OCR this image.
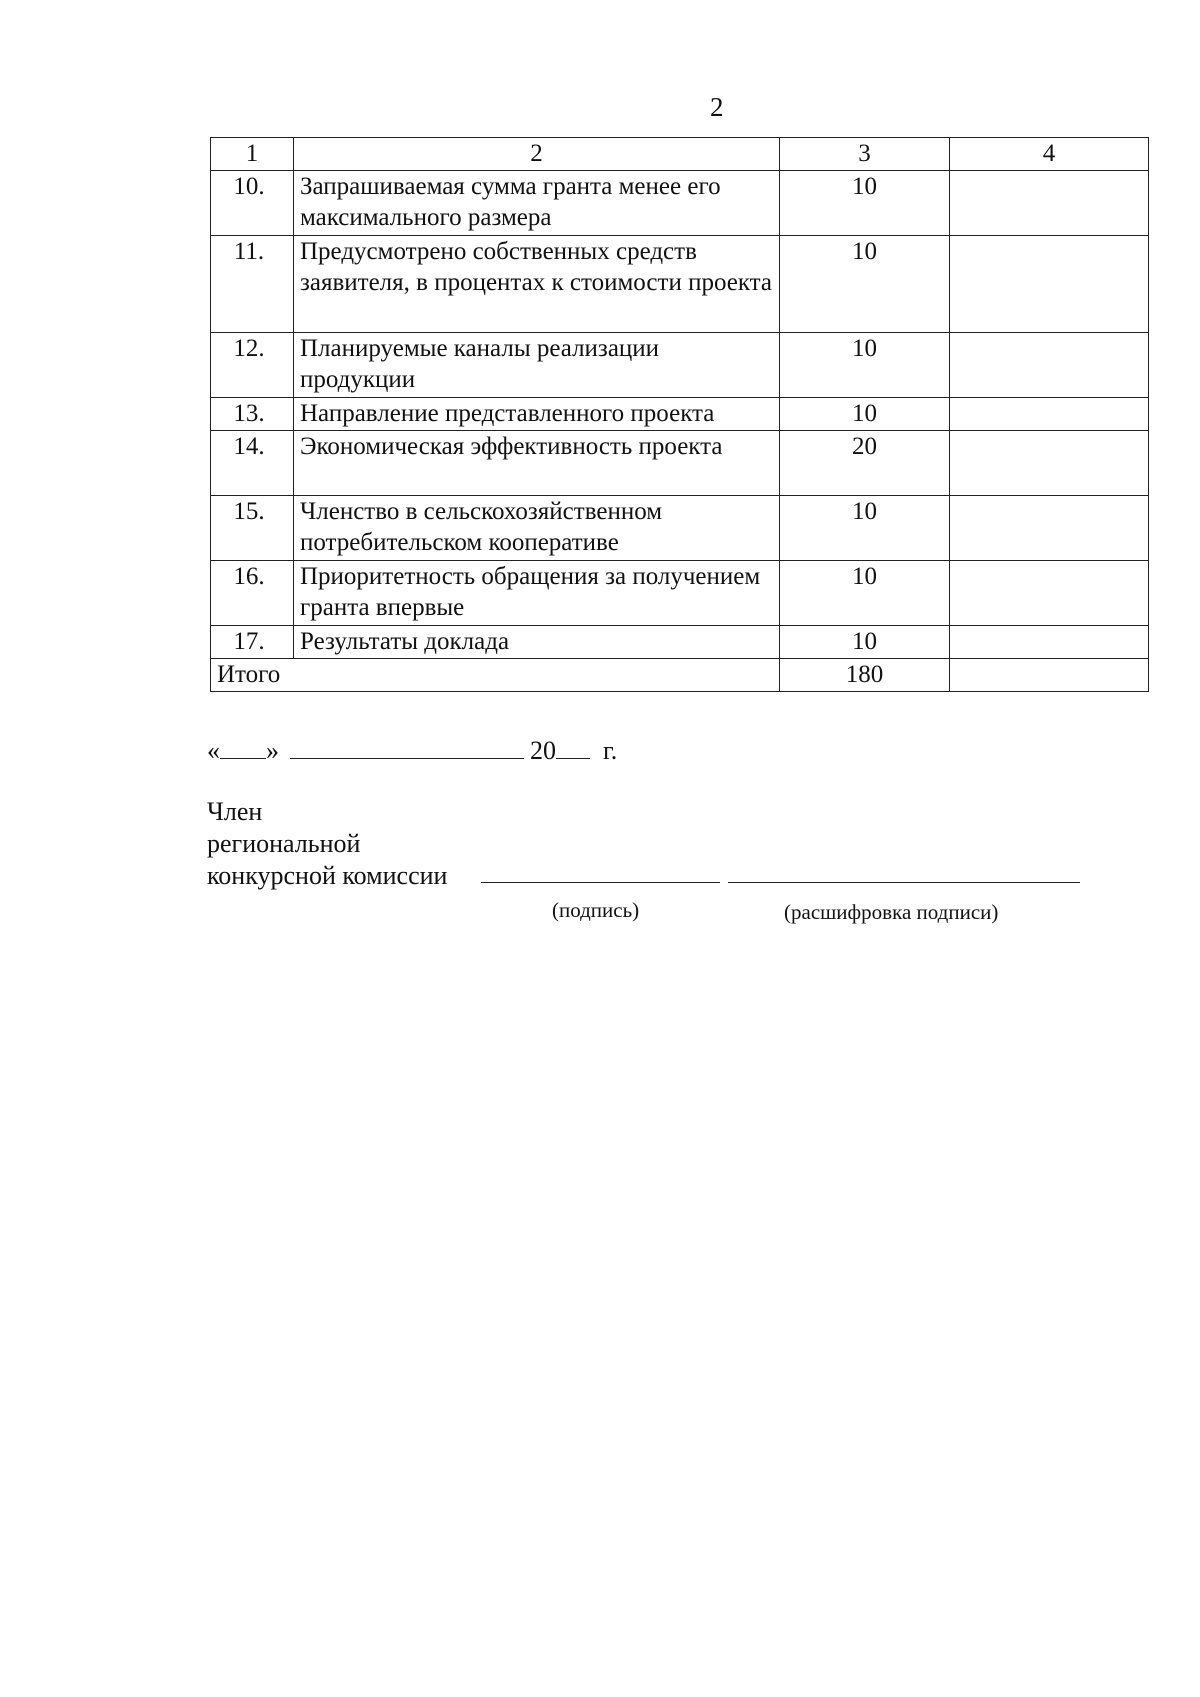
2
1	2	3	4
10.	Запрашиваемая сумма гранта менее его максимального размера	10	
11.	Предусмотрено собственных средств заявителя, в процентах к стоимости проекта	10	
12.	Планируемые каналы реализации продукции	10	
13.	Направление представленного проекта	10	
14.	Экономическая эффективность проекта	20	
15.	Членство в сельскохозяйственном потребительском кооперативе	10	
16.	Приоритетность обращения за получением гранта впервые	10	
17.	Результаты доклада	10	
Итого		180	
« »	20 г.
Член
региональной
конкурсной комиссии
(подпись)	(расшифровка подписи)
